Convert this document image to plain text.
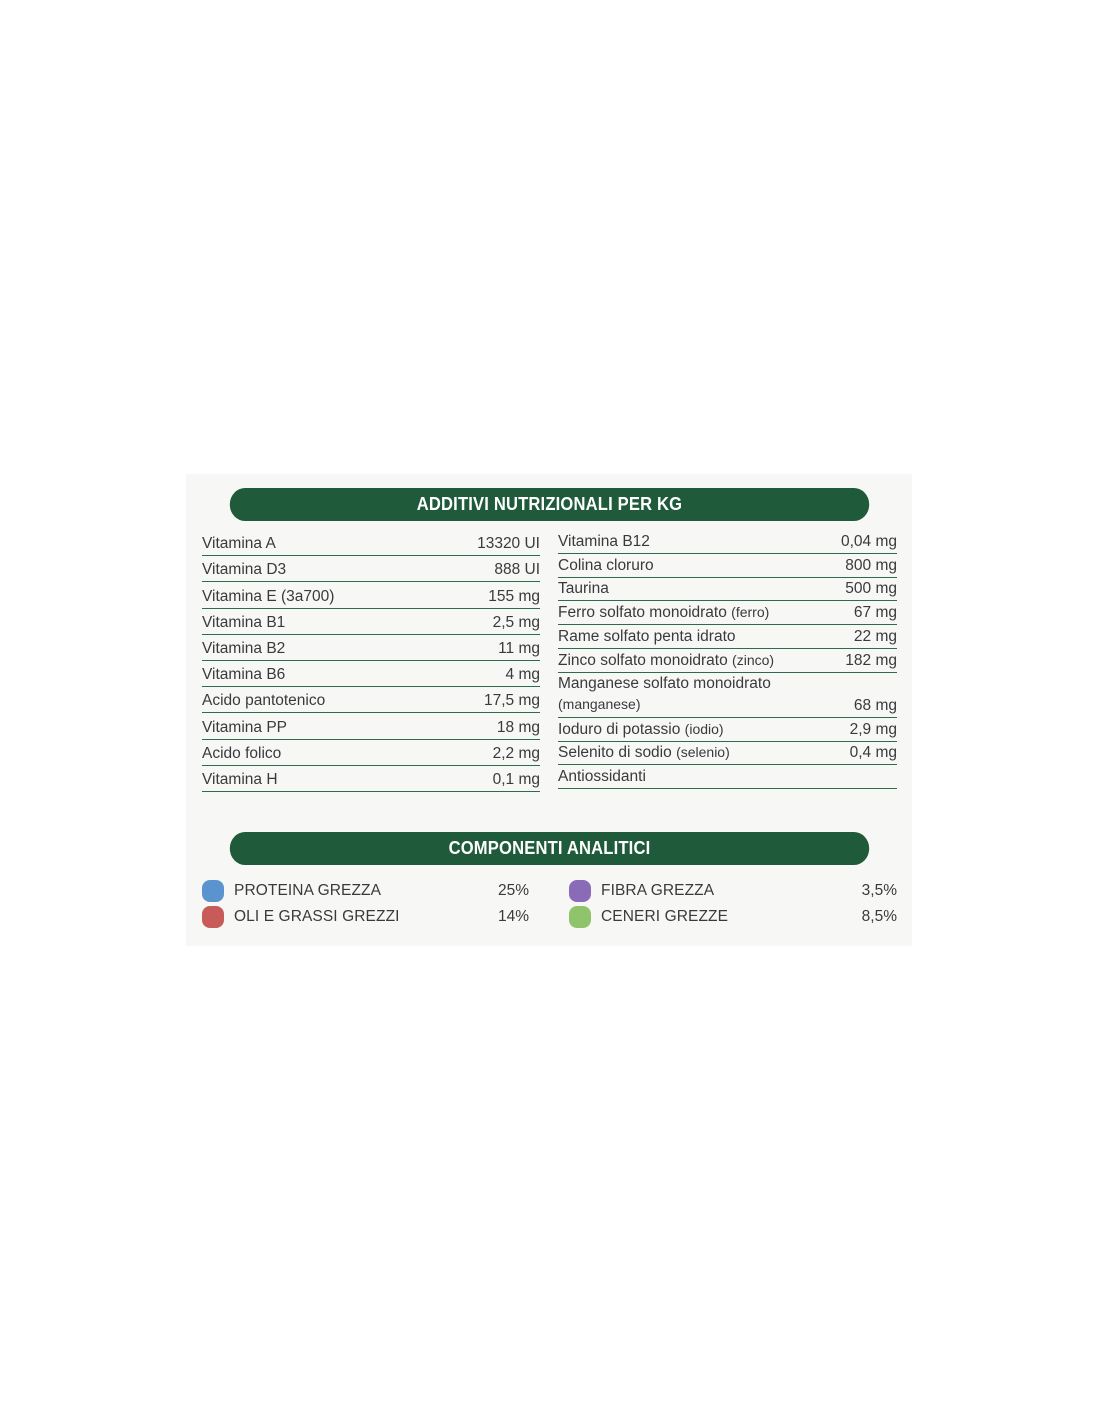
ADDITIVI NUTRIZIONALI PER KG
Vitamina A	13320 UI
Vitamina D3	888 UI
Vitamina E (3a700)	155 mg
Vitamina B1	2,5 mg
Vitamina B2	11 mg
Vitamina B6	4 mg
Acido pantotenico	17,5 mg
Vitamina PP	18 mg
Acido folico	2,2 mg
Vitamina H	0,1 mg
Vitamina B12	0,04 mg
Colina cloruro	800 mg
Taurina	500 mg
Ferro solfato monoidrato (ferro)	67 mg
Rame solfato penta idrato	22 mg
Zinco solfato monoidrato (zinco)	182 mg
Manganese solfato monoidrato
(manganese)	68 mg
Ioduro di potassio (iodio)	2,9 mg
Selenito di sodio (selenio)	0,4 mg
Antiossidanti
COMPONENTI ANALITICI
PROTEINA GREZZA	25%
OLI E GRASSI GREZZI	14%
FIBRA GREZZA	3,5%
CENERI GREZZE	8,5%
